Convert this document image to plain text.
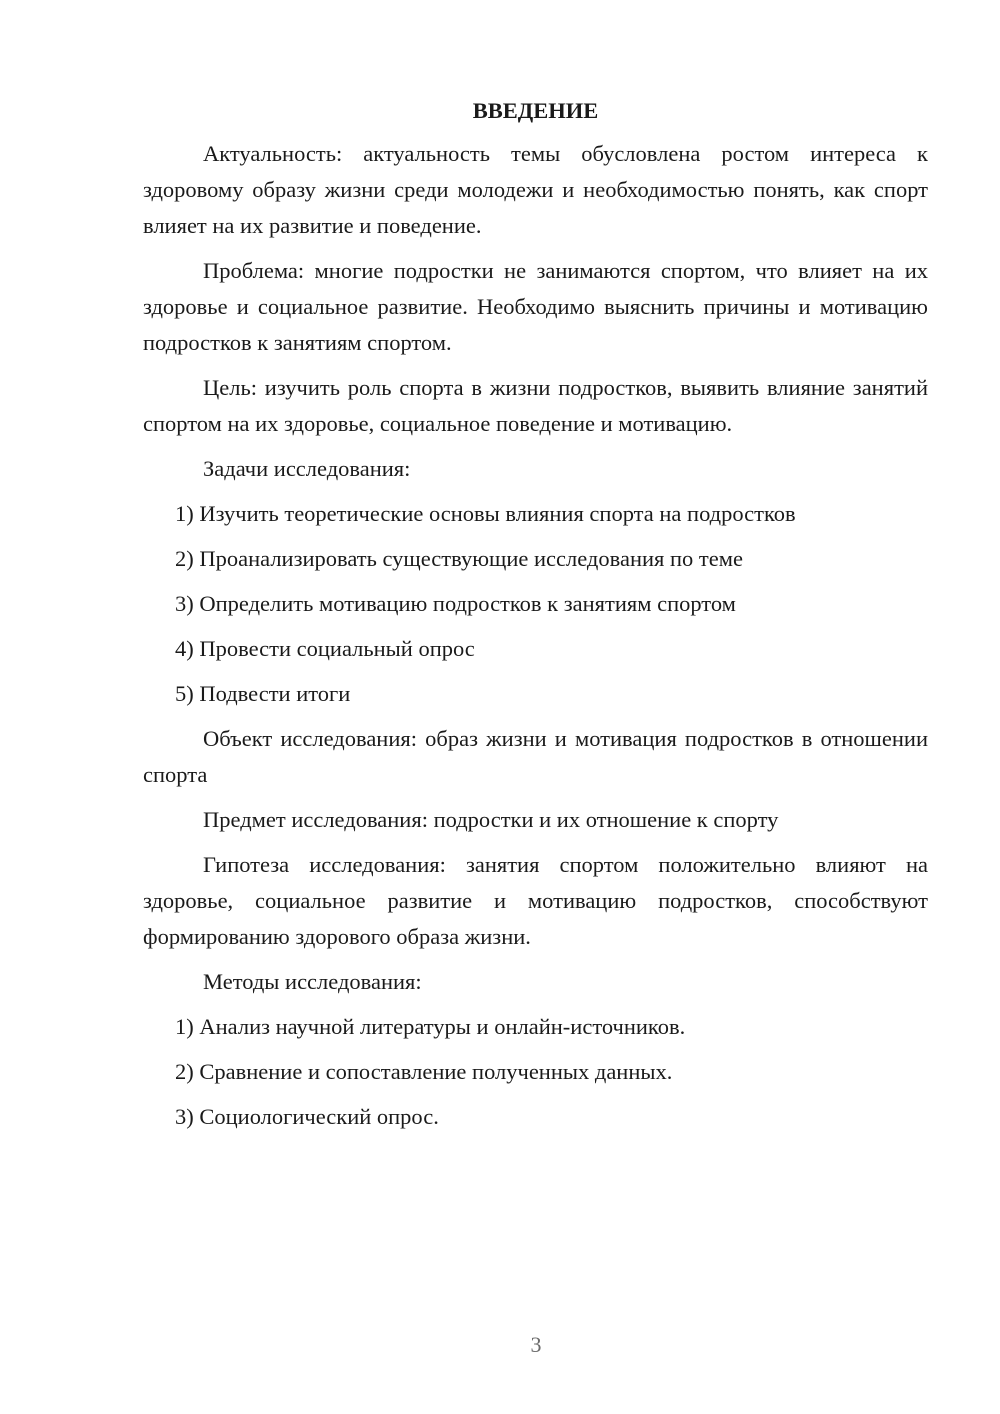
ВВЕДЕНИЕ

Актуальность: актуальность темы обусловлена ростом интереса к здоровому образу жизни среди молодежи и необходимостью понять, как спорт влияет на их развитие и поведение.

Проблема: многие подростки не занимаются спортом, что влияет на их здоровье и социальное развитие. Необходимо выяснить причины и мотивацию подростков к занятиям спортом.

Цель: изучить роль спорта в жизни подростков, выявить влияние занятий спортом на их здоровье, социальное поведение и мотивацию.

Задачи исследования:

1) Изучить теоретические основы влияния спорта на подростков
2) Проанализировать существующие исследования по теме
3) Определить мотивацию подростков к занятиям спортом
4) Провести социальный опрос
5) Подвести итоги

Объект исследования: образ жизни и мотивация подростков в отношении спорта

Предмет исследования: подростки и их отношение к спорту

Гипотеза исследования: занятия спортом положительно влияют на здоровье, социальное развитие и мотивацию подростков, способствуют формированию здорового образа жизни.

Методы исследования:

1) Анализ научной литературы и онлайн-источников.
2) Сравнение и сопоставление полученных данных.
3) Социологический опрос.
3
